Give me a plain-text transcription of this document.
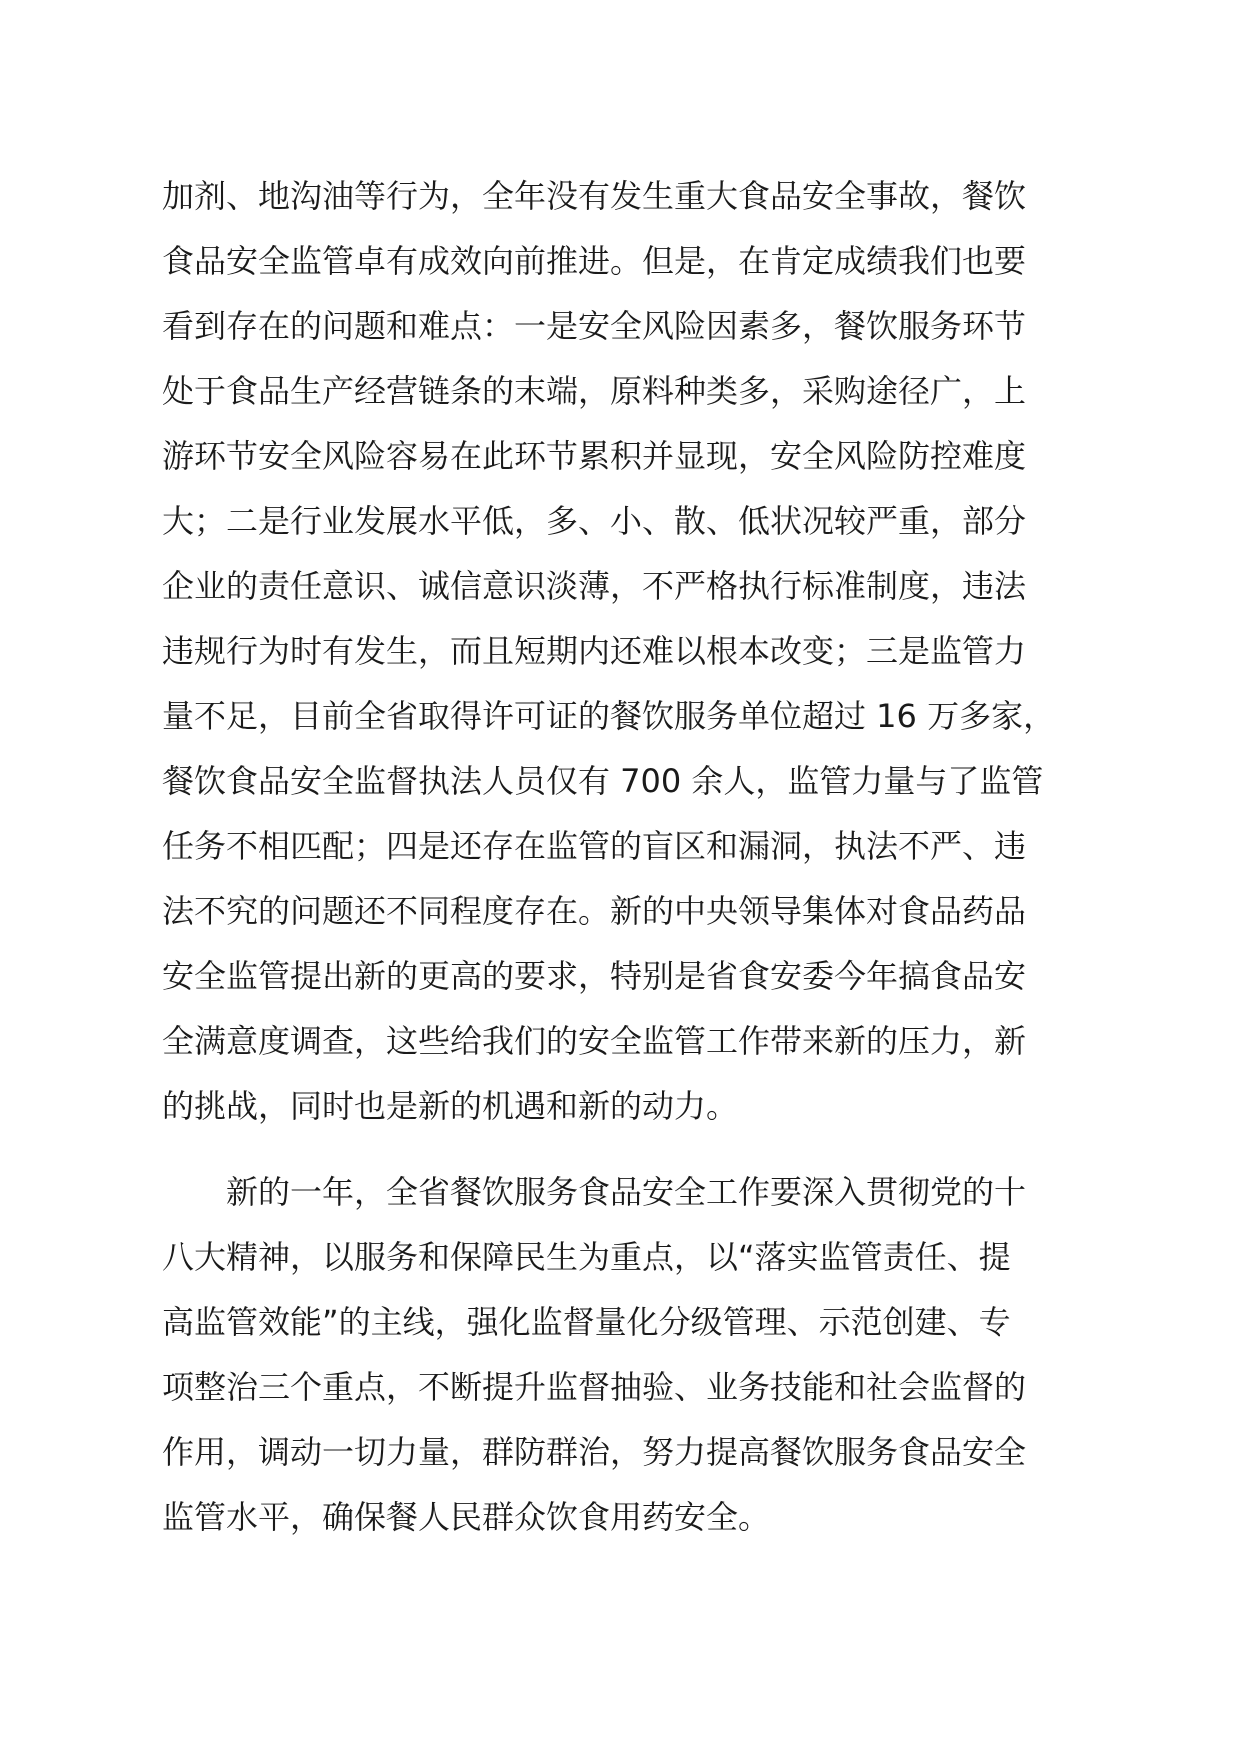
加剂、地沟油等行为，全年没有发生重大食品安全事故，餐饮
食品安全监管卓有成效向前推进。但是，在肯定成绩我们也要
看到存在的问题和难点：一是安全风险因素多，餐饮服务环节
处于食品生产经营链条的末端，原料种类多，采购途径广，上
游环节安全风险容易在此环节累积并显现，安全风险防控难度
大；二是行业发展水平低，多、小、散、低状况较严重，部分
企业的责任意识、诚信意识淡薄，不严格执行标准制度，违法
违规行为时有发生，而且短期内还难以根本改变；三是监管力
量不足，目前全省取得许可证的餐饮服务单位超过 16 万多家，
餐饮食品安全监督执法人员仅有 700 余人，监管力量与了监管
任务不相匹配；四是还存在监管的盲区和漏洞，执法不严、违
法不究的问题还不同程度存在。新的中央领导集体对食品药品
安全监管提出新的更高的要求，特别是省食安委今年搞食品安
全满意度调查，这些给我们的安全监管工作带来新的压力，新
的挑战，同时也是新的机遇和新的动力。
　　新的一年，全省餐饮服务食品安全工作要深入贯彻党的十
八大精神，以服务和保障民生为重点，以“落实监管责任、提
高监管效能”的主线，强化监督量化分级管理、示范创建、专
项整治三个重点，不断提升监督抽验、业务技能和社会监督的
作用，调动一切力量，群防群治，努力提高餐饮服务食品安全
监管水平，确保餐人民群众饮食用药安全。
